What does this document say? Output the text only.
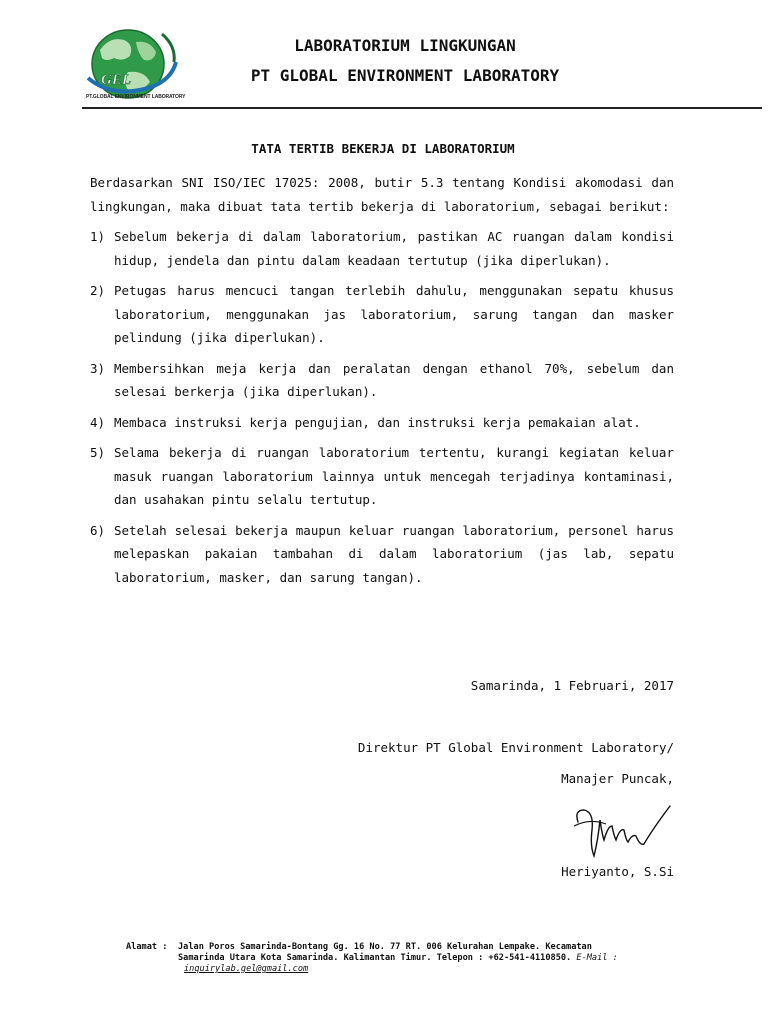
GEL
PT.GLOBAL ENVIRONMENT LABORATORY
LABORATORIUM LINGKUNGAN
PT GLOBAL ENVIRONMENT LABORATORY
TATA TERTIB BEKERJA DI LABORATORIUM

Berdasarkan SNI ISO/IEC 17025: 2008, butir 5.3 tentang Kondisi akomodasi dan lingkungan, maka dibuat tata tertib bekerja di laboratorium, sebagai berikut:

1) Sebelum bekerja di dalam laboratorium, pastikan AC ruangan dalam kondisi hidup, jendela dan pintu dalam keadaan tertutup (jika diperlukan).
2) Petugas harus mencuci tangan terlebih dahulu, menggunakan sepatu khusus laboratorium, menggunakan jas laboratorium, sarung tangan dan masker pelindung (jika diperlukan).
3) Membersihkan meja kerja dan peralatan dengan ethanol 70%, sebelum dan selesai berkerja (jika diperlukan).
4) Membaca instruksi kerja pengujian, dan instruksi kerja pemakaian alat.
5) Selama bekerja di ruangan laboratorium tertentu, kurangi kegiatan keluar masuk ruangan laboratorium lainnya untuk mencegah terjadinya kontaminasi, dan usahakan pintu selalu tertutup.
6) Setelah selesai bekerja maupun keluar ruangan laboratorium, personel harus melepaskan pakaian tambahan di dalam laboratorium (jas lab, sepatu laboratorium, masker, dan sarung tangan).
Samarinda, 1 Februari, 2017
Direktur PT Global Environment Laboratory/
Manajer Puncak,
Heriyanto, S.Si
Alamat : Jalan Poros Samarinda-Bontang Gg. 16 No. 77 RT. 006 Kelurahan Lempake. Kecamatan
Samarinda Utara Kota Samarinda. Kalimantan Timur. Telepon : +62-541-4110850. E-Mail :
inquirylab.gel@gmail.com
